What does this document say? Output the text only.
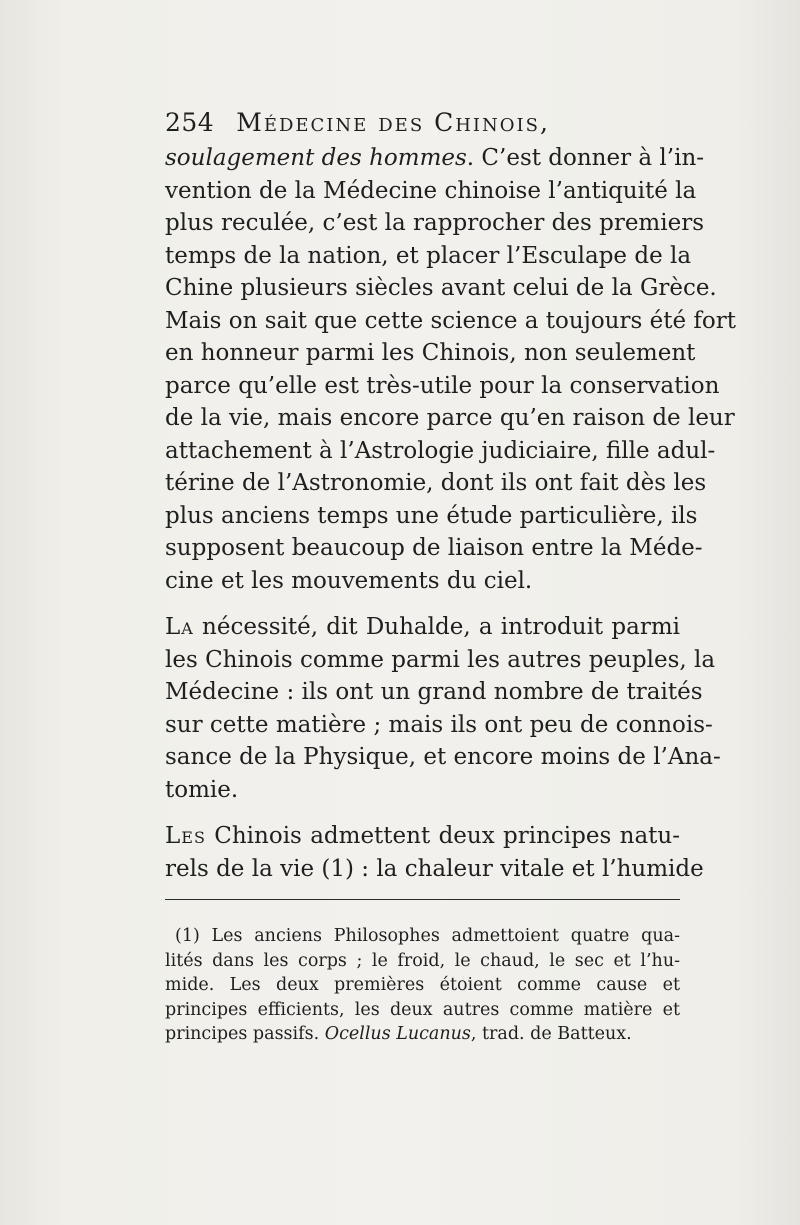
254 Médecine des Chinois,

soulagement des hommes. C’est donner à l’in-
vention de la Médecine chinoise l’antiquité la
plus reculée, c’est la rapprocher des premiers
temps de la nation, et placer l’Esculape de la
Chine plusieurs siècles avant celui de la Grèce.
Mais on sait que cette science a toujours été fort
en honneur parmi les Chinois, non seulement
parce qu’elle est très-utile pour la conservation
de la vie, mais encore parce qu’en raison de leur
attachement à l’Astrologie judiciaire, fille adul-
térine de l’Astronomie, dont ils ont fait dès les
plus anciens temps une étude particulière, ils
supposent beaucoup de liaison entre la Méde-
cine et les mouvements du ciel.

La nécessité, dit Duhalde, a introduit parmi
les Chinois comme parmi les autres peuples, la
Médecine : ils ont un grand nombre de traités
sur cette matière ; mais ils ont peu de connois-
sance de la Physique, et encore moins de l’Ana-
tomie.

Les Chinois admettent deux principes natu-
rels de la vie (1) : la chaleur vitale et l’humide

(1) Les anciens Philosophes admettoient quatre qua-
lités dans les corps ; le froid, le chaud, le sec et l’hu-
mide. Les deux premières étoient comme cause et
principes efficients, les deux autres comme matière et
principes passifs. Ocellus Lucanus, trad. de Batteux.
